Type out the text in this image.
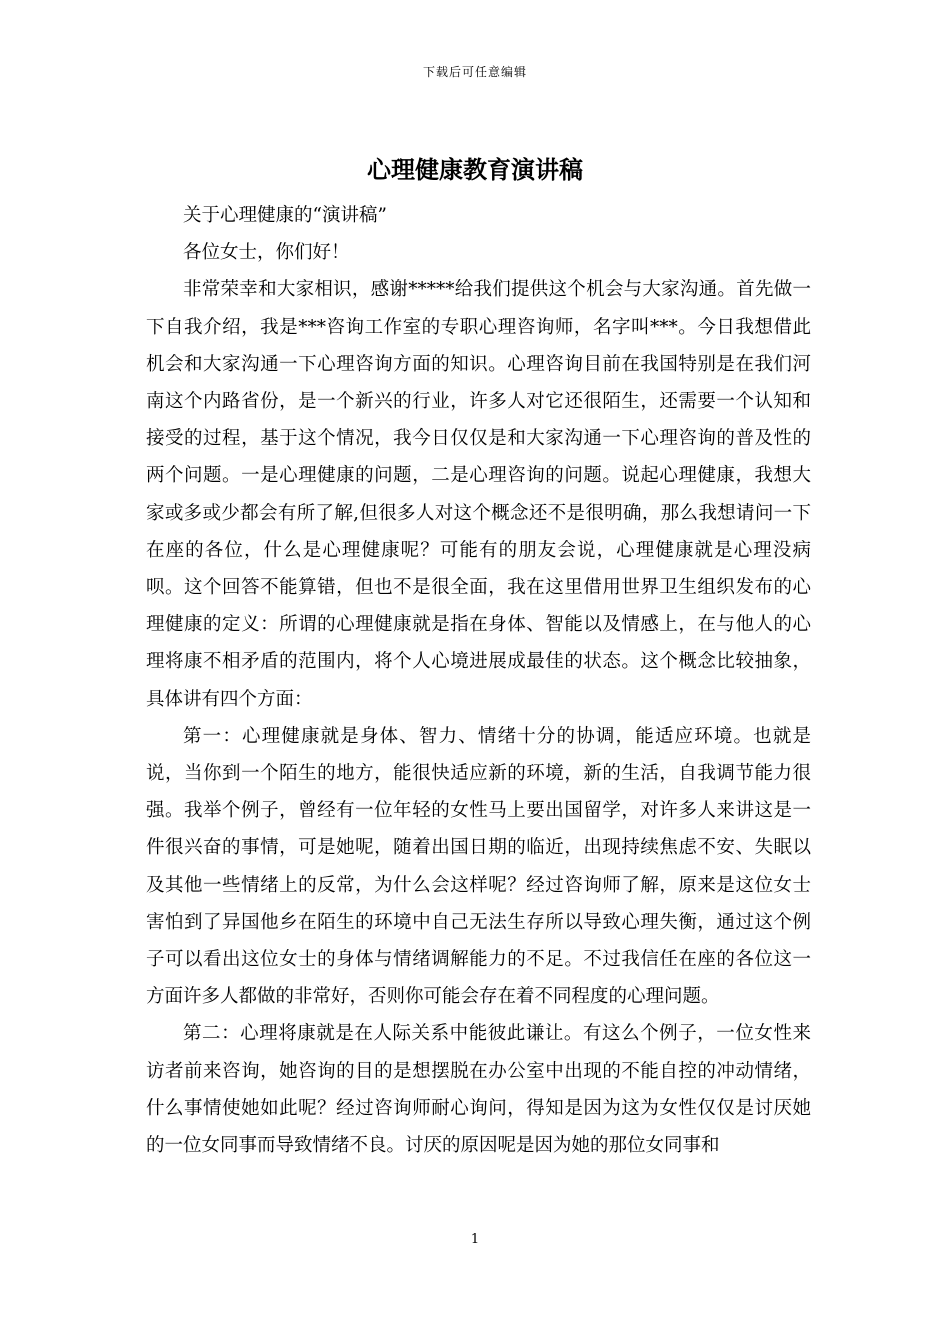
下载后可任意编辑
心理健康教育演讲稿

关于心理健康的“演讲稿”

各位女士，你们好！

非常荣幸和大家相识，感谢*****给我们提供这个机会与大家沟通。首先做一下自我介绍，我是***咨询工作室的专职心理咨询师，名字叫***。今日我想借此机会和大家沟通一下心理咨询方面的知识。心理咨询目前在我国特别是在我们河南这个内路省份，是一个新兴的行业，许多人对它还很陌生，还需要一个认知和接受的过程，基于这个情况，我今日仅仅是和大家沟通一下心理咨询的普及性的两个问题。一是心理健康的问题，二是心理咨询的问题。说起心理健康，我想大家或多或少都会有所了解,但很多人对这个概念还不是很明确，那么我想请问一下在座的各位，什么是心理健康呢？可能有的朋友会说，心理健康就是心理没病呗。这个回答不能算错，但也不是很全面，我在这里借用世界卫生组织发布的心理健康的定义：所谓的心理健康就是指在身体、智能以及情感上，在与他人的心理将康不相矛盾的范围内，将个人心境进展成最佳的状态。这个概念比较抽象，具体讲有四个方面：

第一：心理健康就是身体、智力、情绪十分的协调，能适应环境。也就是说，当你到一个陌生的地方，能很快适应新的环境，新的生活，自我调节能力很强。我举个例子，曾经有一位年轻的女性马上要出国留学，对许多人来讲这是一件很兴奋的事情，可是她呢，随着出国日期的临近，出现持续焦虑不安、失眠以及其他一些情绪上的反常，为什么会这样呢？经过咨询师了解，原来是这位女士害怕到了异国他乡在陌生的环境中自己无法生存所以导致心理失衡，通过这个例子可以看出这位女士的身体与情绪调解能力的不足。不过我信任在座的各位这一方面许多人都做的非常好，否则你可能会存在着不同程度的心理问题。

第二：心理将康就是在人际关系中能彼此谦让。有这么个例子，一位女性来访者前来咨询，她咨询的目的是想摆脱在办公室中出现的不能自控的冲动情绪，什么事情使她如此呢？经过咨询师耐心询问，得知是因为这为女性仅仅是讨厌她的一位女同事而导致情绪不良。讨厌的原因呢是因为她的那位女同事和

1
